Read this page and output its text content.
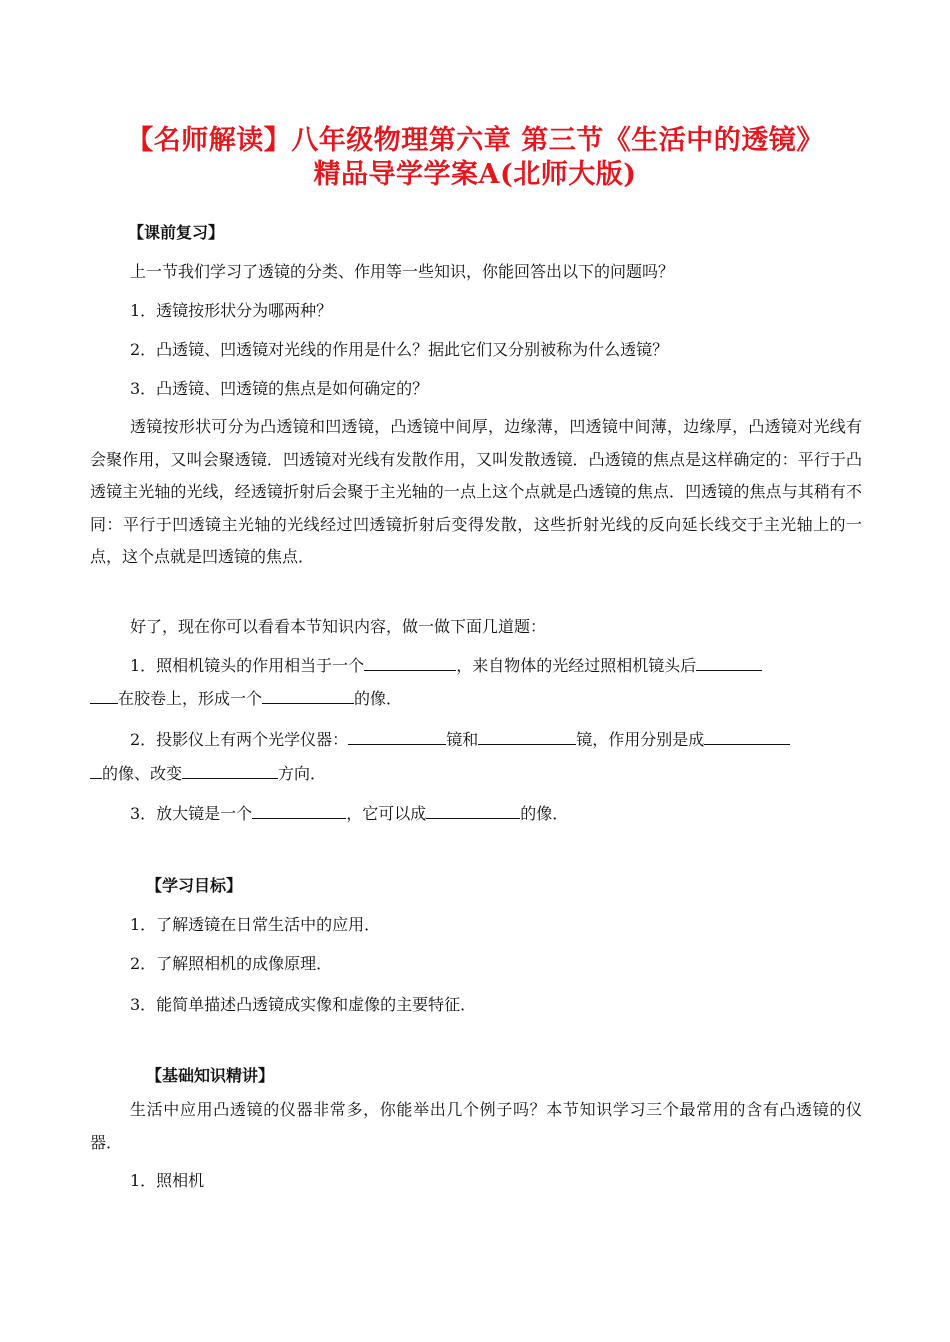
【名师解读】八年级物理第六章 第三节《生活中的透镜》
精品导学学案A(北师大版)
【课前复习】
上一节我们学习了透镜的分类、作用等一些知识，你能回答出以下的问题吗？
1．透镜按形状分为哪两种？
2．凸透镜、凹透镜对光线的作用是什么？据此它们又分别被称为什么透镜？
3．凸透镜、凹透镜的焦点是如何确定的？
透镜按形状可分为凸透镜和凹透镜，凸透镜中间厚，边缘薄，凹透镜中间薄，边缘厚，凸透镜对光线有会聚作用，又叫会聚透镜．凹透镜对光线有发散作用，又叫发散透镜．凸透镜的焦点是这样确定的：平行于凸透镜主光轴的光线，经透镜折射后会聚于主光轴的一点上这个点就是凸透镜的焦点．凹透镜的焦点与其稍有不同：平行于凹透镜主光轴的光线经过凹透镜折射后变得发散，这些折射光线的反向延长线交于主光轴上的一点，这个点就是凹透镜的焦点．
好了，现在你可以看看本节知识内容，做一做下面几道题：
1．照相机镜头的作用相当于一个	，来自物体的光经过照相机镜头后
在胶卷上，形成一个	的像．
2．投影仪上有两个光学仪器：	镜和	镜，作用分别是成
的像、改变	方向．
3．放大镜是一个	，它可以成	的像．
【学习目标】
1．了解透镜在日常生活中的应用．
2．了解照相机的成像原理．
3．能简单描述凸透镜成实像和虚像的主要特征．
【基础知识精讲】
生活中应用凸透镜的仪器非常多，你能举出几个例子吗？本节知识学习三个最常用的含有凸透镜的仪器．
1．照相机
